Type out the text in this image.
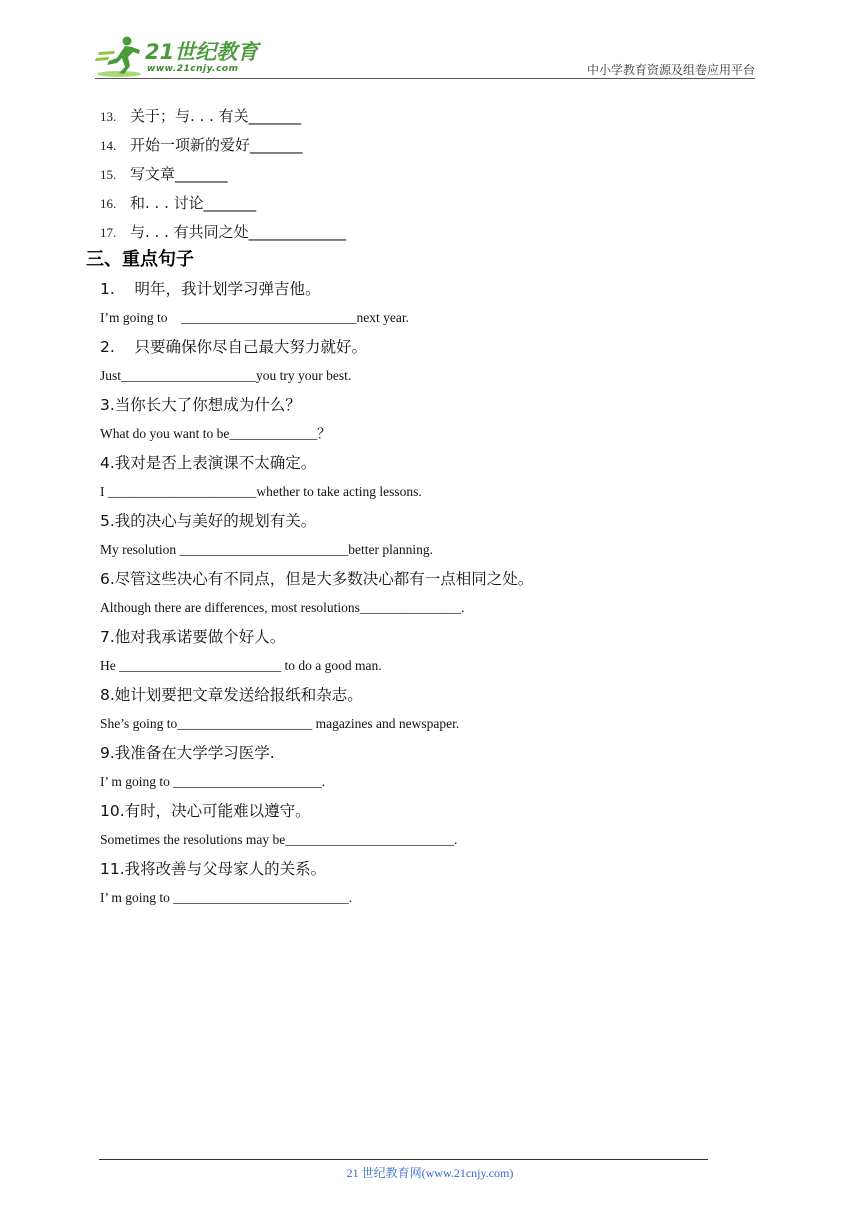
21世纪教育
www.21cnjy.com	中小学教育资源及组卷应用平台
13. 关于；与. . . 有关_______
14. 开始一项新的爱好_______
15. 写文章_______
16. 和. . . 讨论_______
17. 与. . . 有共同之处_____________
三、重点句子
1.    明年，我计划学习弹吉他。
I’m going to    __________________________next year.
2.    只要确保你尽自己最大努力就好。
Just____________________you try your best.
3.当你长大了你想成为什么？
What do you want to be_____________？
4.我对是否上表演课不太确定。
I ______________________whether to take acting lessons.
5.我的决心与美好的规划有关。
My resolution _________________________better planning.
6.尽管这些决心有不同点，但是大多数决心都有一点相同之处。
Although there are differences, most resolutions_______________.
7.他对我承诺要做个好人。
He ________________________ to do a good man.
8.她计划要把文章发送给报纸和杂志。
She’s going to____________________ magazines and newspaper.
9.我准备在大学学习医学.
I’ m going to ______________________.
10.有时，决心可能难以遵守。
Sometimes the resolutions may be_________________________.
11.我将改善与父母家人的关系。
I’ m going to __________________________.
21 世纪教育网(www.21cnjy.com)
